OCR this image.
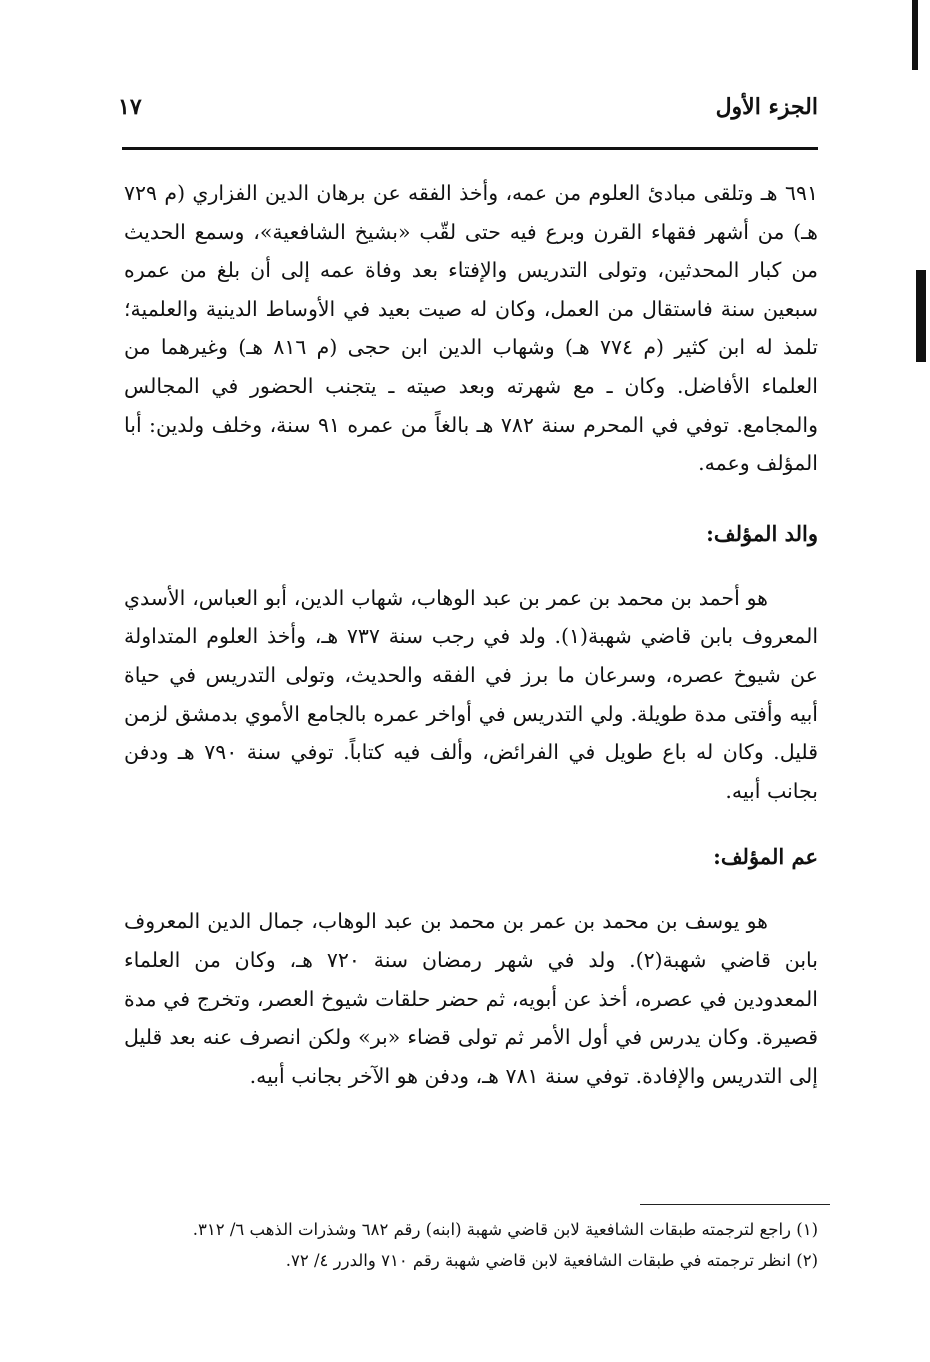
الجزء الأول
١٧

٦٩١ هـ وتلقى مبادئ العلوم من عمه، وأخذ الفقه عن برهان الدين الفزاري (م ٧٢٩ هـ) من أشهر فقهاء القرن وبرع فيه حتى لقّب «بشيخ الشافعية»، وسمع الحديث من كبار المحدثين، وتولى التدريس والإفتاء بعد وفاة عمه إلى أن بلغ من عمره سبعين سنة فاستقال من العمل، وكان له صيت بعيد في الأوساط الدينية والعلمية؛ تلمذ له ابن كثير (م ٧٧٤ هـ) وشهاب الدين ابن حجى (م ٨١٦ هـ) وغيرهما من العلماء الأفاضل. وكان ـ مع شهرته وبعد صيته ـ يتجنب الحضور في المجالس والمجامع. توفي في المحرم سنة ٧٨٢ هـ بالغاً من عمره ٩١ سنة، وخلف ولدين: أبا المؤلف وعمه.

والد المؤلف:

هو أحمد بن محمد بن عمر بن عبد الوهاب، شهاب الدين، أبو العباس، الأسدي المعروف بابن قاضي شهبة(١). ولد في رجب سنة ٧٣٧ هـ، وأخذ العلوم المتداولة عن شيوخ عصره، وسرعان ما برز في الفقه والحديث، وتولى التدريس في حياة أبيه وأفتى مدة طويلة. ولي التدريس في أواخر عمره بالجامع الأموي بدمشق لزمن قليل. وكان له باع طويل في الفرائض، وألف فيه كتاباً. توفي سنة ٧٩٠ هـ ودفن بجانب أبيه.

عم المؤلف:

هو يوسف بن محمد بن عمر بن محمد بن عبد الوهاب، جمال الدين المعروف بابن قاضي شهبة(٢). ولد في شهر رمضان سنة ٧٢٠ هـ، وكان من العلماء المعدودين في عصره، أخذ عن أبويه، ثم حضر حلقات شيوخ العصر، وتخرج في مدة قصيرة. وكان يدرس في أول الأمر ثم تولى قضاء «بر» ولكن انصرف عنه بعد قليل إلى التدريس والإفادة. توفي سنة ٧٨١ هـ، ودفن هو الآخر بجانب أبيه.

(١) راجع لترجمته طبقات الشافعية لابن قاضي شهبة (ابنه) رقم ٦٨٢ وشذرات الذهب ٦/ ٣١٢.

(٢) انظر ترجمته في طبقات الشافعية لابن قاضي شهبة رقم ٧١٠ والدرر ٤/ ٧٢.
